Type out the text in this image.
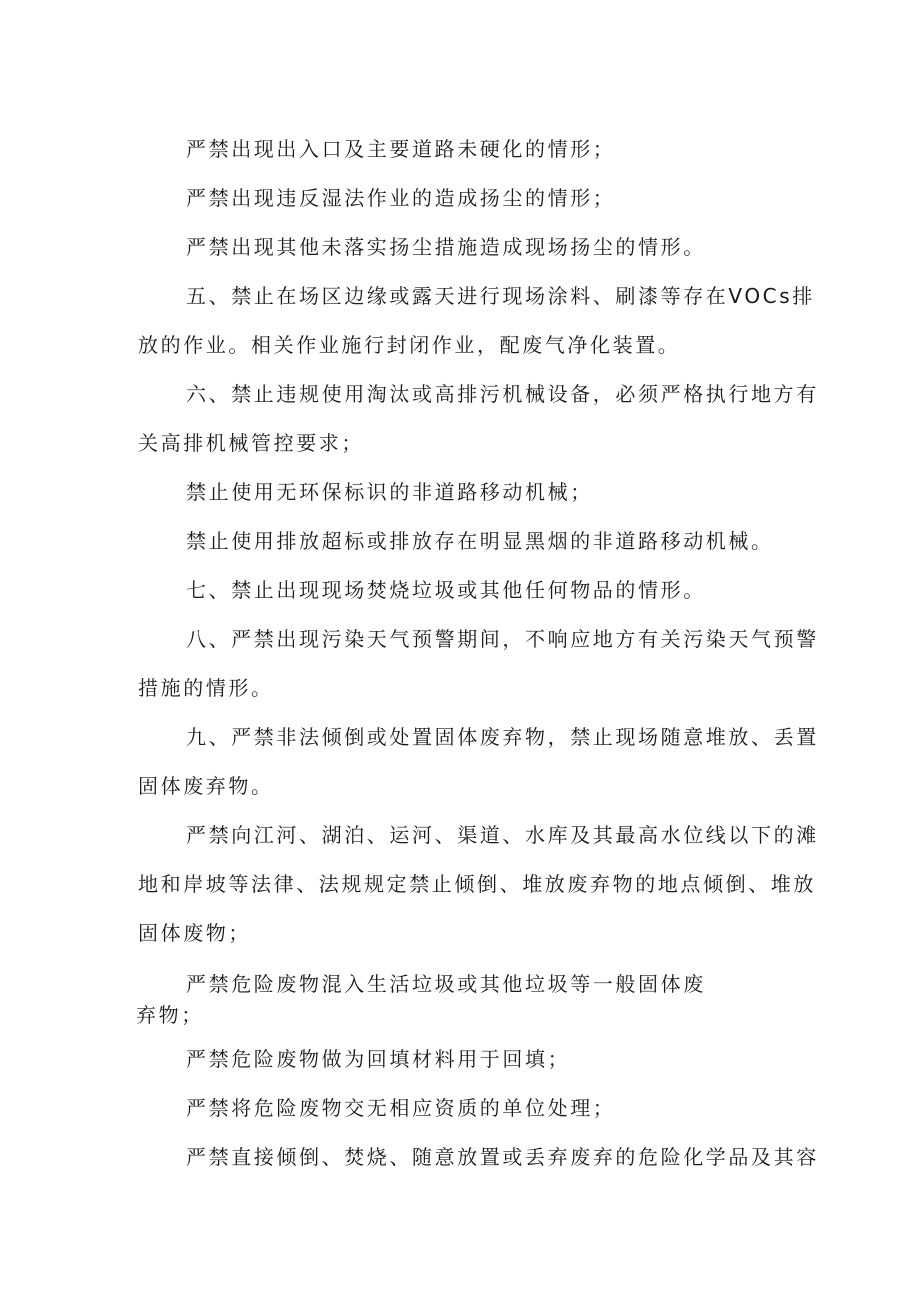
严禁出现出入口及主要道路未硬化的情形；
严禁出现违反湿法作业的造成扬尘的情形；
严禁出现其他未落实扬尘措施造成现场扬尘的情形。
五、禁止在场区边缘或露天进行现场涂料、刷漆等存在VOCs排
放的作业。相关作业施行封闭作业，配废气净化装置。
六、禁止违规使用淘汰或高排污机械设备，必须严格执行地方有
关高排机械管控要求；
禁止使用无环保标识的非道路移动机械；
禁止使用排放超标或排放存在明显黑烟的非道路移动机械。
七、禁止出现现场焚烧垃圾或其他任何物品的情形。
八、严禁出现污染天气预警期间，不响应地方有关污染天气预警
措施的情形。
九、严禁非法倾倒或处置固体废弃物，禁止现场随意堆放、丢置
固体废弃物。
严禁向江河、湖泊、运河、渠道、水库及其最高水位线以下的滩
地和岸坡等法律、法规规定禁止倾倒、堆放废弃物的地点倾倒、堆放
固体废物；
严禁危险废物混入生活垃圾或其他垃圾等一般固体废
弃物；
严禁危险废物做为回填材料用于回填；
严禁将危险废物交无相应资质的单位处理；
严禁直接倾倒、焚烧、随意放置或丢弃废弃的危险化学品及其容
